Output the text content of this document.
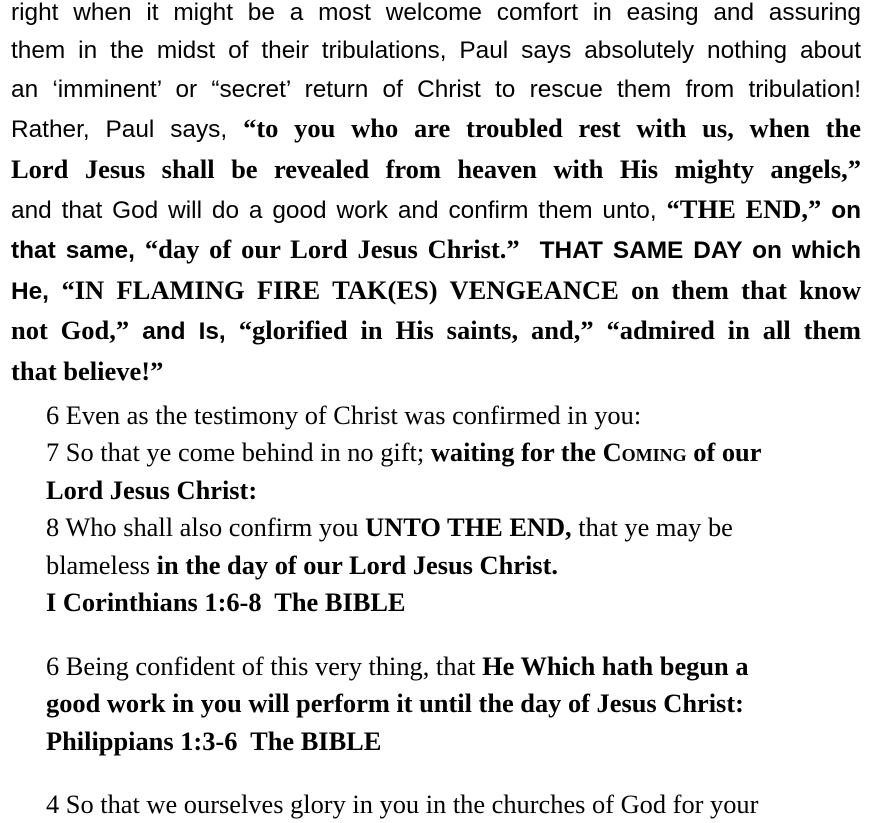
right when it might be a most welcome comfort in easing and assuring
them in the midst of their tribulations, Paul says absolutely nothing about
an ‘imminent’ or “secret’ return of Christ to rescue them from tribulation!
Rather, Paul says, “to you who are troubled rest with us, when the
Lord Jesus shall be revealed from heaven with His mighty angels,”
and that God will do a good work and confirm them unto, “THE END,” on
that same, “day of our Lord Jesus Christ.”  THAT SAME DAY on which
He, “IN FLAMING FIRE TAK(ES) VENGEANCE on them that know
not God,” and Is, “glorified in His saints, and,” “admired in all them
that believe!”
6 Even as the testimony of Christ was confirmed in you:
7 So that ye come behind in no gift; waiting for the Coming of our
Lord Jesus Christ:
8 Who shall also confirm you UNTO THE END, that ye may be
blameless in the day of our Lord Jesus Christ.
I Corinthians 1:6-8  The BIBLE
6 Being confident of this very thing, that He Which hath begun a
good work in you will perform it until the day of Jesus Christ:
Philippians 1:3-6  The BIBLE
4 So that we ourselves glory in you in the churches of God for your
